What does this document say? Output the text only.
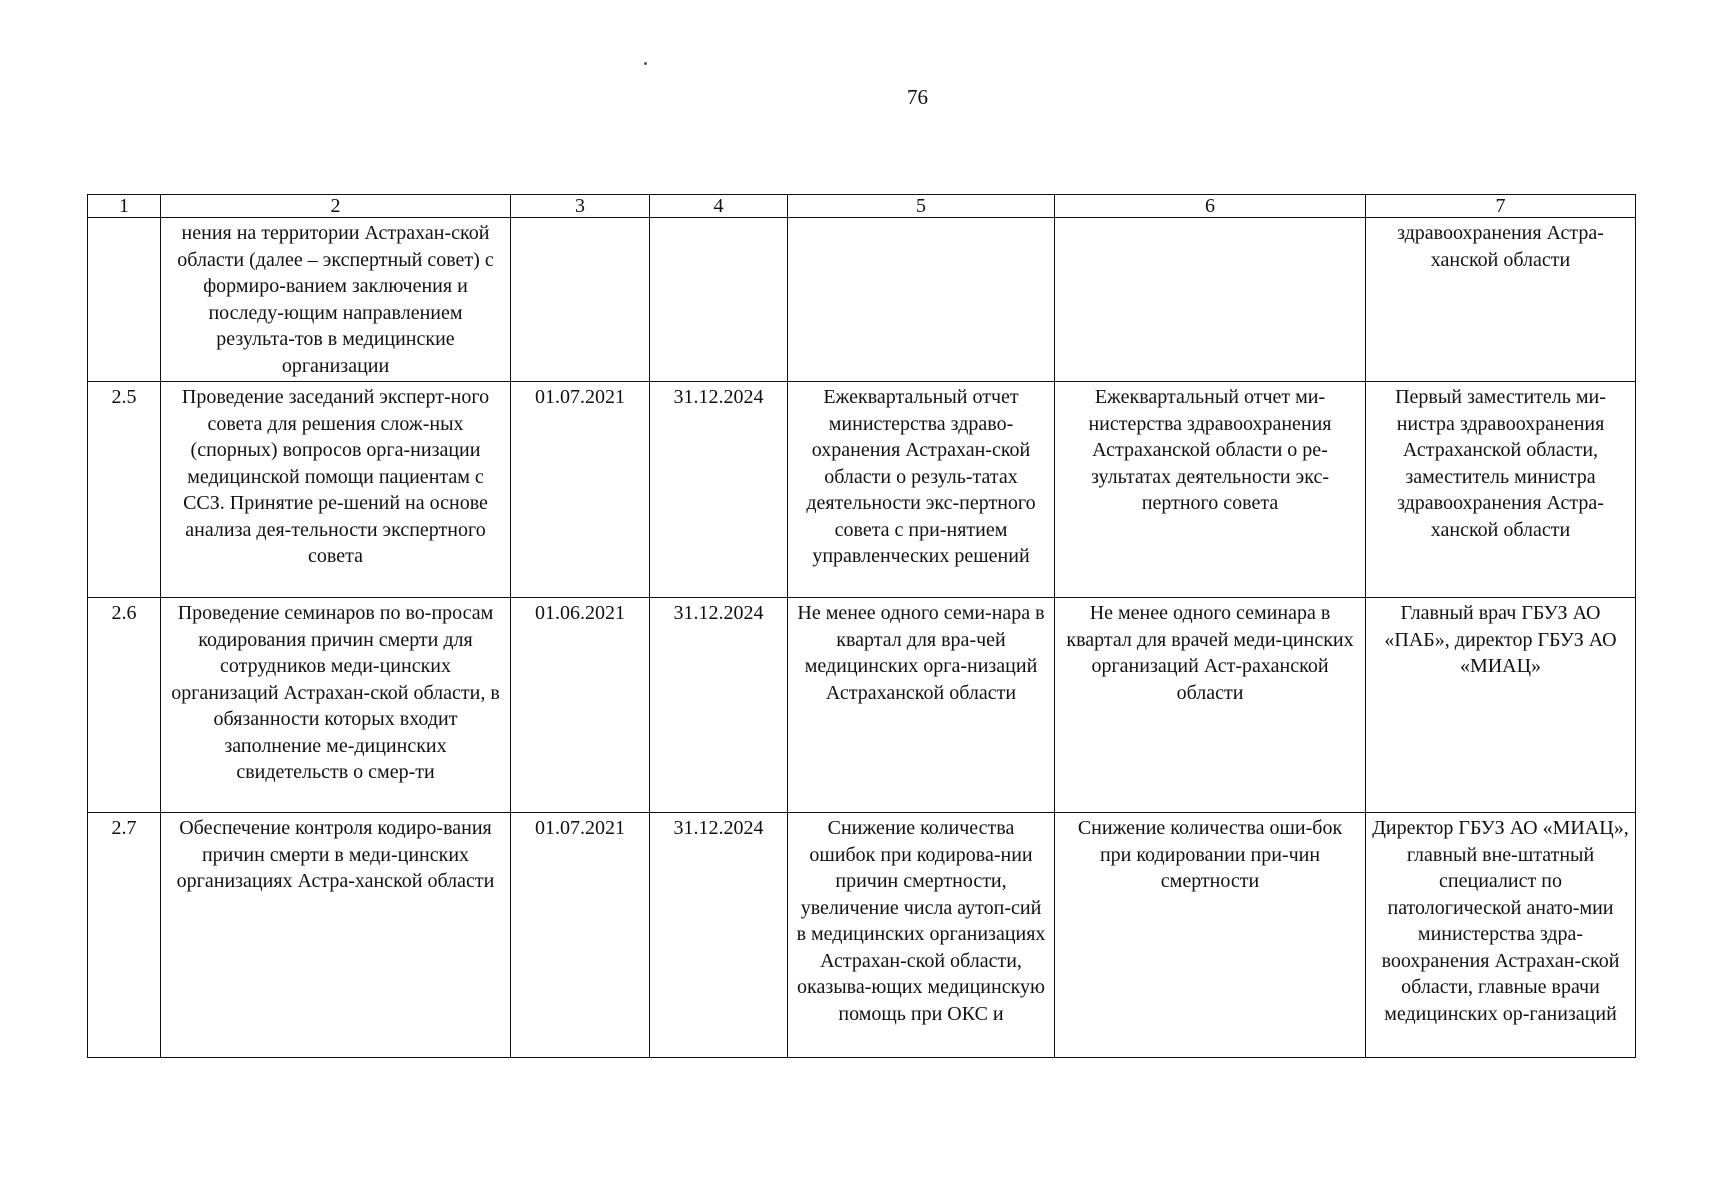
76
1	2	3	4	5	6	7
	нения на территории Астрахан-ской области (далее – экспертный совет) с формиро-ванием заключения и последу-ющим направлением результа-тов в медицинские организации					здравоохранения Астра-ханской области
2.5	Проведение заседаний эксперт-ного совета для решения слож-ных (спорных) вопросов орга-низации медицинской помощи пациентам с ССЗ. Принятие ре-шений на основе анализа дея-тельности экспертного совета	01.07.2021	31.12.2024	Ежеквартальный отчет министерства здраво-охранения Астрахан-ской области о резуль-татах деятельности экс-пертного совета с при-нятием управленческих решений	Ежеквартальный отчет ми-нистерства здравоохранения Астраханской области о ре-зультатах деятельности экс-пертного совета	Первый заместитель ми-нистра здравоохранения Астраханской области, заместитель министра здравоохранения Астра-ханской области
2.6	Проведение семинаров по во-просам кодирования причин смерти для сотрудников меди-цинских организаций Астрахан-ской области, в обязанности которых входит заполнение ме-дицинских свидетельств о смер-ти	01.06.2021	31.12.2024	Не менее одного семи-нара в квартал для вра-чей медицинских орга-низаций Астраханской области	Не менее одного семинара в квартал для врачей меди-цинских организаций Аст-раханской области	Главный врач ГБУЗ АО «ПАБ», директор ГБУЗ АО «МИАЦ»
2.7	Обеспечение контроля кодиро-вания причин смерти в меди-цинских организациях Астра-ханской области	01.07.2021	31.12.2024	Снижение количества ошибок при кодирова-нии причин смертности, увеличение числа аутоп-сий в медицинских организациях Астрахан-ской области, оказыва-ющих медицинскую помощь при ОКС и	Снижение количества оши-бок при кодировании при-чин смертности	Директор ГБУЗ АО «МИАЦ», главный вне-штатный специалист по патологической анато-мии министерства здра-воохранения Астрахан-ской области, главные врачи медицинских ор-ганизаций
